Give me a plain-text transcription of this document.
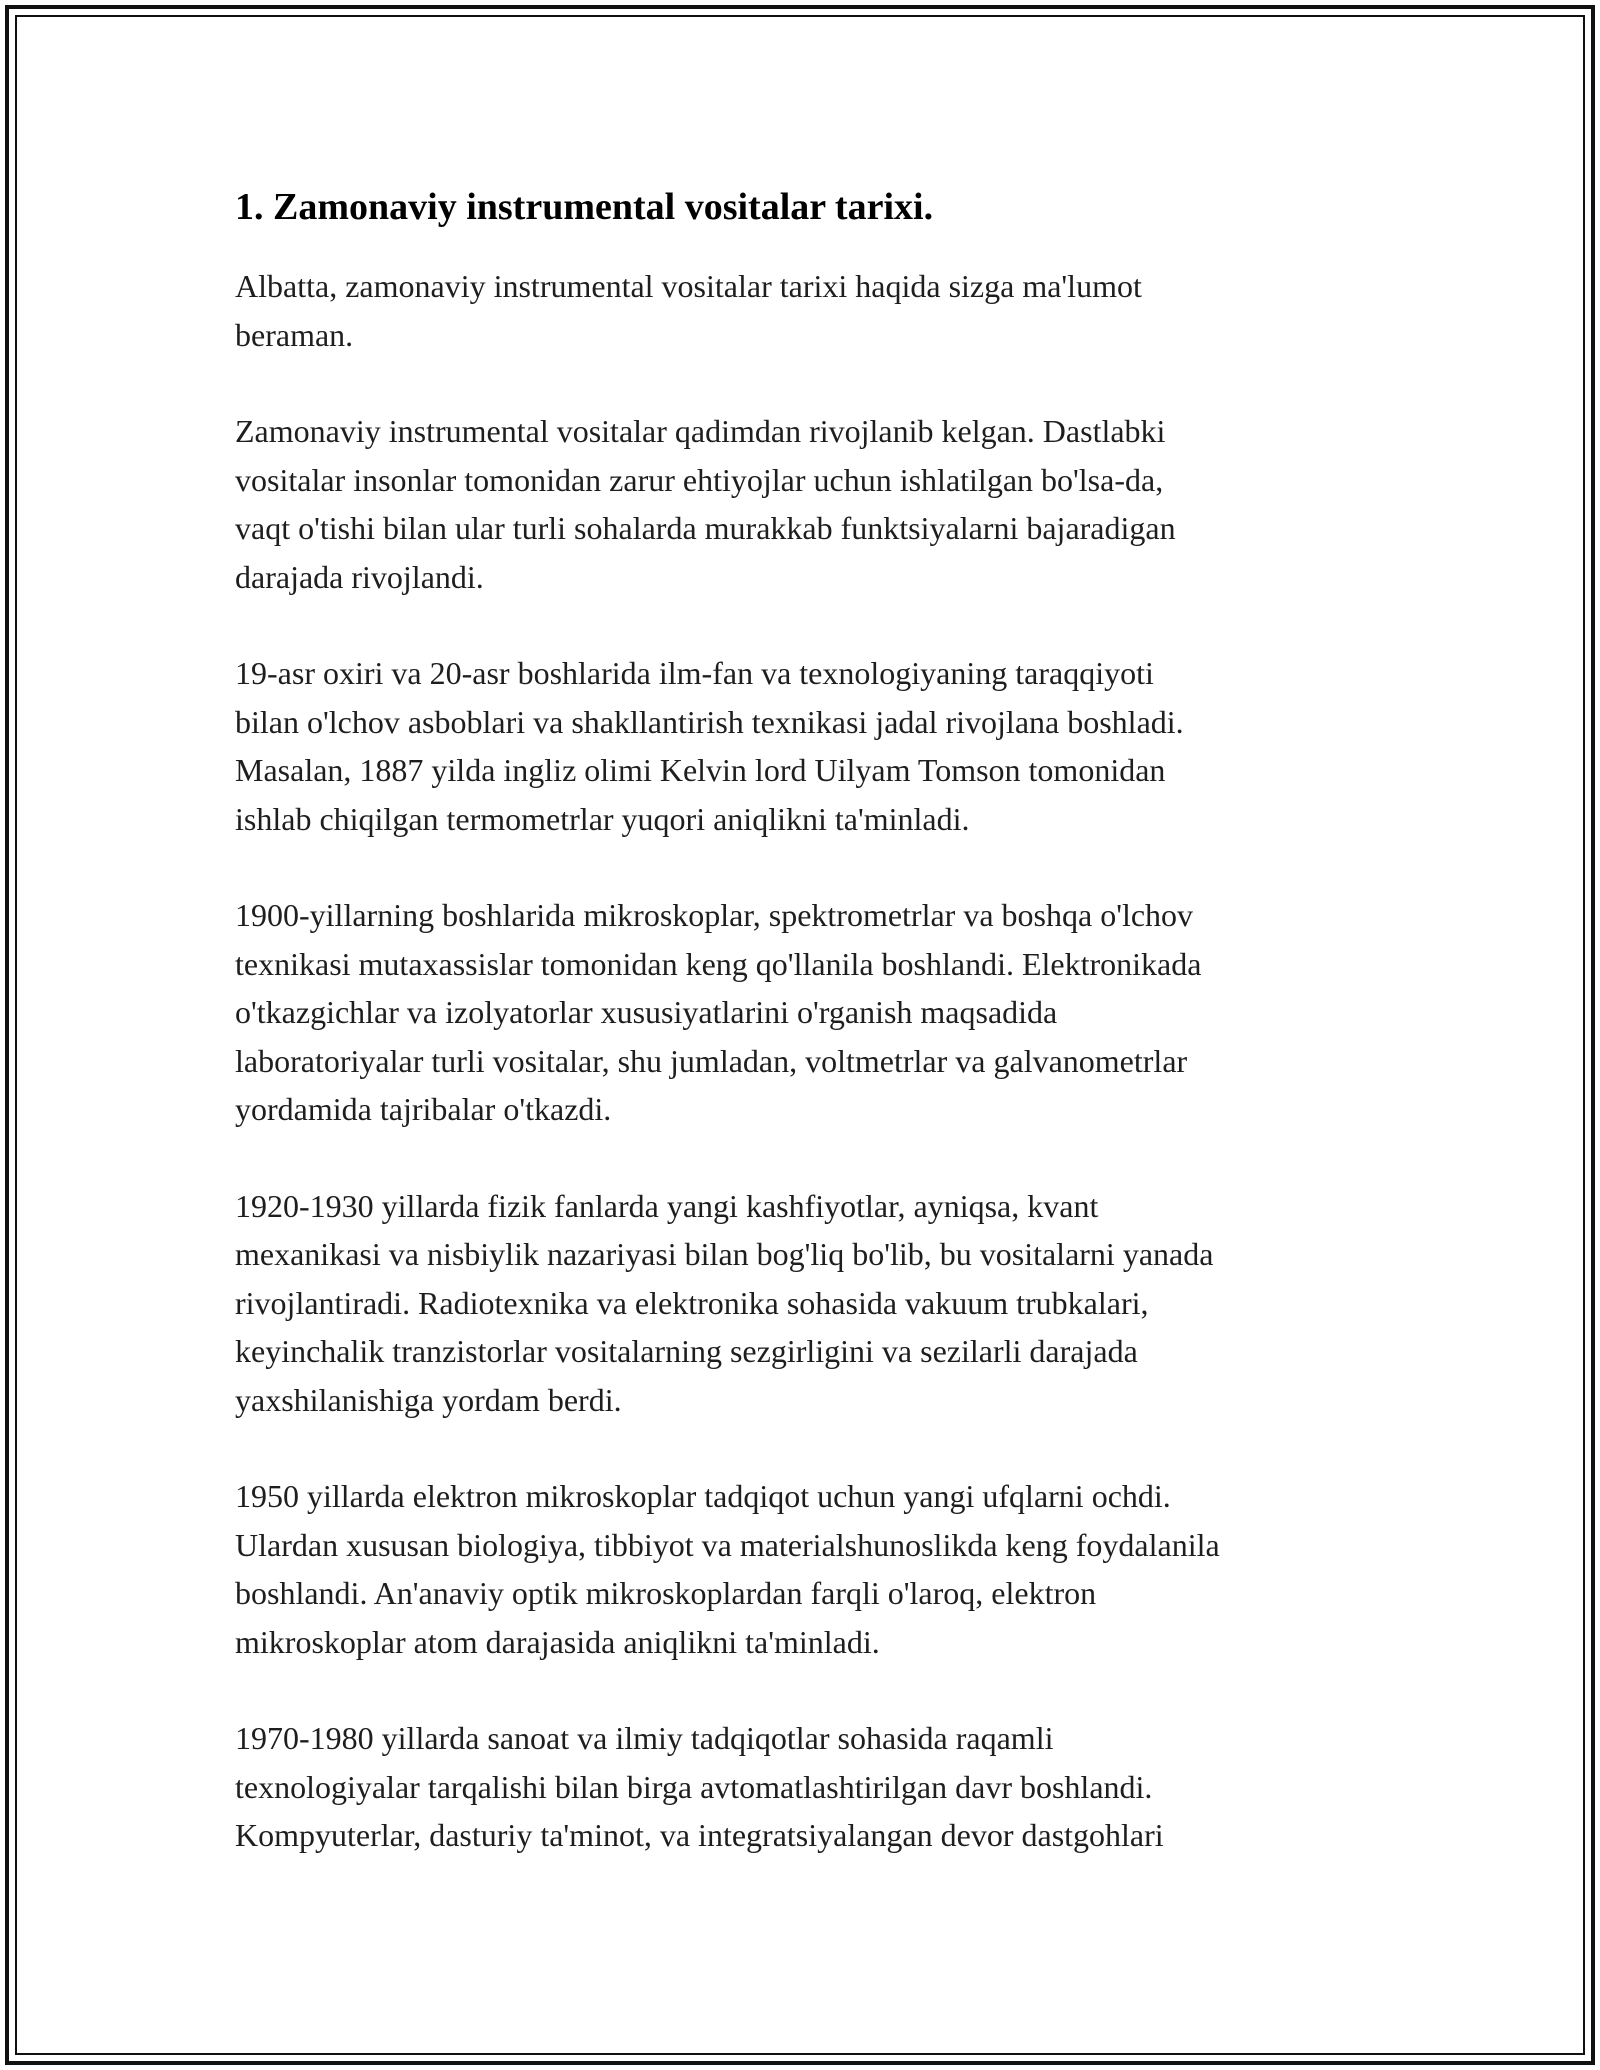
1. Zamonaviy instrumental vositalar tarixi.

Albatta, zamonaviy instrumental vositalar tarixi haqida sizga ma'lumot
beraman.

Zamonaviy instrumental vositalar qadimdan rivojlanib kelgan. Dastlabki
vositalar insonlar tomonidan zarur ehtiyojlar uchun ishlatilgan bo'lsa-da,
vaqt o'tishi bilan ular turli sohalarda murakkab funktsiyalarni bajaradigan
darajada rivojlandi.

19-asr oxiri va 20-asr boshlarida ilm-fan va texnologiyaning taraqqiyoti
bilan o'lchov asboblari va shakllantirish texnikasi jadal rivojlana boshladi.
Masalan, 1887 yilda ingliz olimi Kelvin lord Uilyam Tomson tomonidan
ishlab chiqilgan termometrlar yuqori aniqlikni ta'minladi.

1900-yillarning boshlarida mikroskoplar, spektrometrlar va boshqa o'lchov
texnikasi mutaxassislar tomonidan keng qo'llanila boshlandi. Elektronikada
o'tkazgichlar va izolyatorlar xususiyatlarini o'rganish maqsadida
laboratoriyalar turli vositalar, shu jumladan, voltmetrlar va galvanometrlar
yordamida tajribalar o'tkazdi.

1920-1930 yillarda fizik fanlarda yangi kashfiyotlar, ayniqsa, kvant
mexanikasi va nisbiylik nazariyasi bilan bog'liq bo'lib, bu vositalarni yanada
rivojlantiradi. Radiotexnika va elektronika sohasida vakuum trubkalari,
keyinchalik tranzistorlar vositalarning sezgirligini va sezilarli darajada
yaxshilanishiga yordam berdi.

1950 yillarda elektron mikroskoplar tadqiqot uchun yangi ufqlarni ochdi.
Ulardan xususan biologiya, tibbiyot va materialshunoslikda keng foydalanila
boshlandi. An'anaviy optik mikroskoplardan farqli o'laroq, elektron
mikroskoplar atom darajasida aniqlikni ta'minladi.

1970-1980 yillarda sanoat va ilmiy tadqiqotlar sohasida raqamli
texnologiyalar tarqalishi bilan birga avtomatlashtirilgan davr boshlandi.
Kompyuterlar, dasturiy ta'minot, va integratsiyalangan devor dastgohlari
